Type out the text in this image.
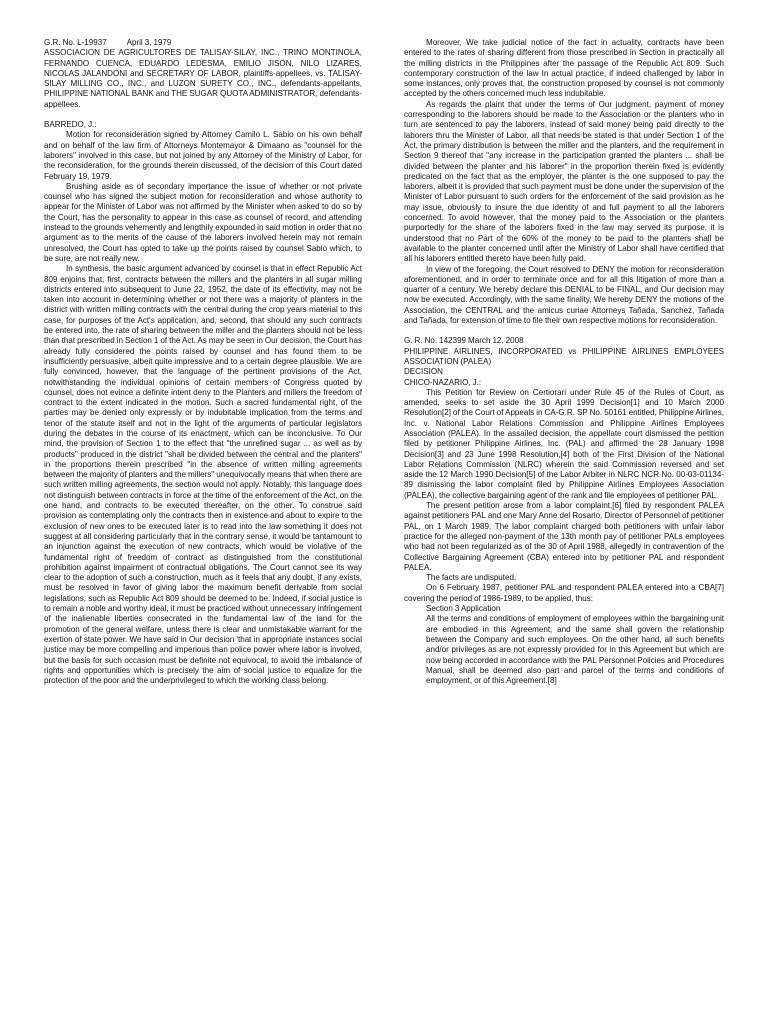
G.R. No. L-19937          April 3, 1979

ASSOCIACION DE AGRICULTORES DE TALISAY-SILAY, INC., TRINO MONTINOLA, FERNANDO CUENCA, EDUARDO LEDESMA, EMILIO JISON, NILO LIZARES, NICOLAS JALANDONI and SECRETARY OF LABOR, plaintiffs-appellees, vs. TALISAY-SILAY MILLING CO., INC., and LUZON SURETY CO., INC., defendants-appellants, PHILIPPINE NATIONAL BANK and THE SUGAR QUOTA ADMINISTRATOR, defendants-appellees.

BARREDO, J.:

Motion for reconsideration signed by Attorney Camilo L. Sabio on his own behalf and on behalf of the law firm of Attorneys Montemayor & Dimaano as "counsel for the laborers" involved in this case, but not joined by any Attorney of the Ministry of Labor, for the reconsideration, for the grounds therein discussed, of the decision of this Court dated February 19, 1979.

Brushing aside as of secondary importance the issue of whether or not private counsel who has signed the subject motion for reconsideration and whose authority to appear for the Minister of Labor was not affirmed by the Minister when asked to do so by the Court, has the personality to appear in this case as counsel of record, and attending instead to the grounds vehemently and lengthily expounded in said motion in order that no argument as to the merits of the cause of the laborers involved herein may not remain unresolved, the Court has opted to take up the points raised by counsel Sabio which, to be sure, are not really new.

In synthesis, the basic argument advanced by counsel is that in effect Republic Act 809 enjoins that, first, contracts between the millers and the planters in all sugar milling districts entered into subsequent to June 22, 1952, the date of its effectivity, may not be taken into account in determining whether or not there was a majority of planters in the district with written milling contracts with the central during the crop years material to this case, for purposes of the Act's application, and, second, that should any such contracts be entered into, the rate of sharing between the miller and the planters should not be less than that prescribed in Section 1 of the Act. As may be seen in Our decision, the Court has already fully considered the points raised by counsel and has found them to be insufficiently persuasive, albeit quite impressive and to a certain degree plausible. We are fully convinced, however, that the language of the pertinent provisions of the Act, notwithstanding the individual opinions of certain members of Congress quoted by counsel, does not evince a definite intent deny to the Planters and millers the freedom of contract to the extent indicated in the motion. Such a sacred fundamental right, of the parties may be denied only expressly or by indubitable implication from the terms and tenor of the statute itself and not in the light of the arguments of particular legislators during the debates in the course of its enactment, which can be inconclusive. To Our mind, the provision of Section 1 to the effect that "the unrefined sugar ... as well as by products" produced in the district "shall be divided between the central and the planters" in the proportions therein prescribed "in the absence of written milling agreements between the majority of planters and the millers" unequivocally means that when there are such written milling agreements, the section would not apply. Notably, this language does not distinguish between contracts in force at the time of the enforcement of the Act, on the one hand, and contracts to be executed thereafter, on the other. To construe said provision as contemplating only the contracts then in existence and about to expire to the exclusion of new ones to be executed later is to read into the law something it does not suggest at all considering particularly that in the contrary sense, it would be tantamount to an injunction against the execution of new contracts, which would be violative of the fundamental right of freedom of contract as distinguished from the constitutional prohibition against impairment of contractual obligations. The Court cannot see its way clear to the adoption of such a construction, much as it feels that any doubt, if any exists, must be resolved in favor of giving labor the maximum benefit derivable from social legislations, such as Republic Act 809 should be deemed to be. Indeed, if social justice is to remain a noble and worthy ideal, it must be practiced without unnecessary infringement of the inalienable liberties consecrated in the fundamental law of the land for the promotion of the general welfare, unless there is clear and unmistakable warrant for the exertion of state power. We have said in Our decision 'that in appropriate instances social justice may be more compelling and imperious than police power where labor is involved, but the basis for such occasion must be definite not equivocal, to avoid the imbalance of rights and opportunities which is precisely the aim of social justice to equalize for the protection of the poor and the underprivileged to which the working class belong.

Moreover, We take judicial notice of the fact in actuality, contracts have been entered to the rates of sharing different from those prescribed in Section in practically all the milling districts in the Philippines after the passage of the Republic Act 809. Such contemporary construction of the law In actual practice, if indeed challenged by labor in some instances, only proves that, the construction proposed by counsel is not commonly accepted by the others concerned much less indubitable.

As regards the plaint that under the terms of Our judgment, payment of money corresponding to the laborers should be made to the Association or the planters who in turn are sentenced to pay the laborers, instead of said money being paid directly to the laborers thru the Minister of Labor, all that needs be stated is that under Section 1 of the Act, the primary distribution is between the miller and the planters, and the requirement in Section 9 thereof that "any increase in the participation granted the planters ... shall be divided between the planter and his laborer" in the proportion therein fixed is evidently predicated on the fact that as the employer, the planter is the one supposed to pay the laborers, albeit it is provided that such payment must be done under the supervision of the Minister of Labor pursuant to such orders for the enforcement of the said provision as he may issue, obviously to insure the due identity of and full payment to all the laborers concerned. To avoid however, that the money paid to the Association or the planters purportedly for the share of the laborers fixed in the law may served its purpose, it is understood that no Part of the 60% of the money to be paid to the planters shall be available to the planter concerned until after the Ministry of Labor shall have certified that all his laborers entitled thereto have been fully paid.

In view of the foregoing, the Court resolved to DENY the motion for reconsideration aforementioned, and in order to terminate once and for all this litigation of more than a quarter of a century. We hereby declare this DENIAL to be FINAL, and Our decision may now be executed. Accordingly, with the same finality, We hereby DENY the motions of the Association, the CENTRAL and the amicus curiae Attorneys Tañada, Sanchez, Tañada and Tañada, for extension of time to file their own respective motions for reconsideration.

G. R. No. 142399 March 12, 2008

PHILIPPINE AIRLINES, INCORPORATED vs PHILIPPINE AIRLINES EMPLOYEES ASSOCIATION (PALEA)

DECISION

CHICO-NAZARIO, J.:

This Petition for Review on Certiorari under Rule 45 of the Rules of Court, as amended, seeks to set aside the 30 April 1999 Decision[1] and 10 March 2000 Resolution[2] of the Court of Appeals in CA-G.R. SP No. 50161 entitled, Philippine Airlines, Inc. v. National Labor Relations Commission and Philippine Airlines Employees Association (PALEA). In the assailed decision, the appellate court dismissed the petition filed by petitioner Philippine Airlines, Inc. (PAL) and affirmed the 28 January 1998 Decision[3] and 23 June 1998 Resolution,[4] both of the First Division of the National Labor Relations Commission (NLRC) wherein the said Commission reversed and set aside the 12 March 1990 Decision[5] of the Labor Arbiter in NLRC NCR No. 00-03-01134-89 dismissing the labor complaint filed by Philippine Airlines Employees Association (PALEA), the collective bargaining agent of the rank and file employees of petitioner PAL.

The present petition arose from a labor complaint,[6] filed by respondent PALEA against petitioners PAL and one Mary Anne del Rosario, Director of Personnel of petitioner PAL, on 1 March 1989. The labor complaint charged both petitioners with unfair labor practice for the alleged non-payment of the 13th month pay of petitioner PALs employees who had not been regularized as of the 30 of April 1988, allegedly in contravention of the Collective Bargaining Agreement (CBA) entered into by petitioner PAL and respondent PALEA.

The facts are undisputed.

On 6 February 1987, petitioner PAL and respondent PALEA entered into a CBA[7] covering the period of 1986-1989, to be applied, thus:

Section 3 Application

All the terms and conditions of employment of employees within the bargaining unit are embodied in this Agreement, and the same shall govern the relationship between the Company and such employees. On the other hand, all such benefits and/or privileges as are not expressly provided for in this Agreement but which are now being accorded in accordance with the PAL Personnel Policies and Procedures Manual, shall be deemed also part and parcel of the terms and conditions of employment, or of this Agreement.[8]
